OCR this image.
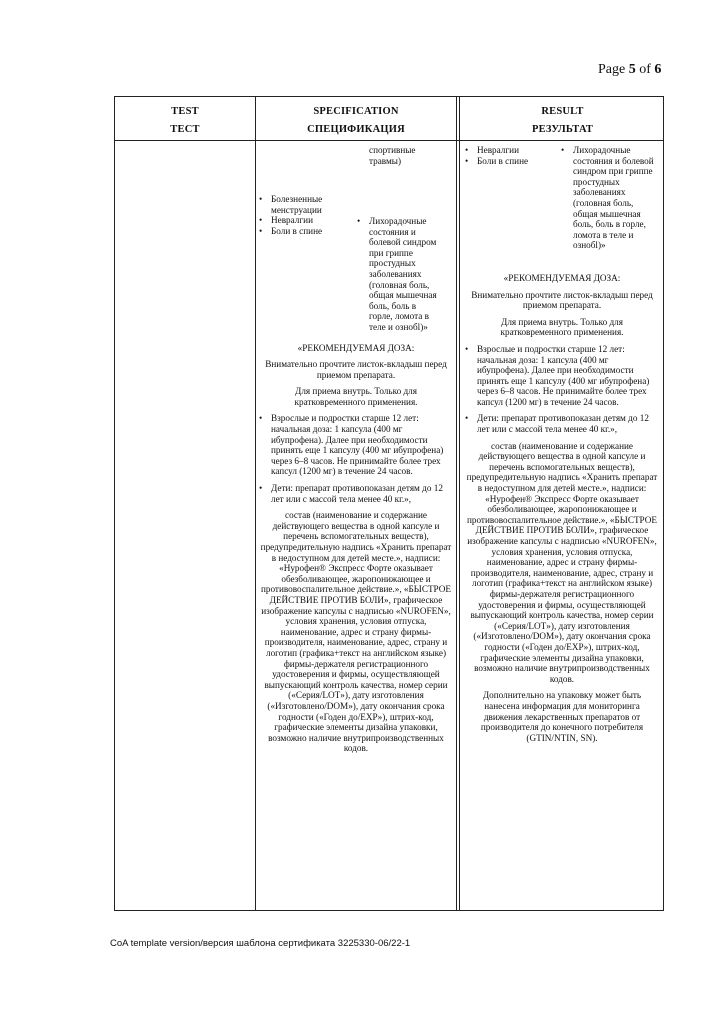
Page 5 of 6
TEST
ТЕСТ
SPECIFICATION
СПЕЦИФИКАЦИЯ
RESULT
РЕЗУЛЬТАТ

спортивные травмы)

• Болезненные менструации

• Невралгии

• Боли в спине

• Лихорадочные состояния и болевой синдром при гриппе простудных заболеваниях (головная боль, общая мышечная боль, боль в горле, ломота в теле и ознобl)»

«РЕКОМЕНДУЕМАЯ ДОЗА:

Внимательно прочтите листок-вкладыш перед приемом препарата.

Для приема внутрь. Только для кратковременного применения.

• Взрослые и подростки старше 12 лет: начальная доза: 1 капсула (400 мг ибупрофена). Далее при необходимости принять еще 1 капсулу (400 мг ибупрофена) через 6–8 часов. Не принимайте более трех капсул (1200 мг) в течение 24 часов.

• Дети: препарат противопоказан детям до 12 лет или с массой тела менее 40 кг.»,

состав (наименование и содержание действующего вещества в одной капсуле и перечень вспомогательных веществ), предупредительную надпись «Хранить препарат в недоступном для детей месте.», надписи: «Нурофен® Экспресс Форте оказывает обезболивающее, жаропонижающее и противовоспалительное действие.», «БЫСТРОЕ ДЕЙСТВИЕ ПРОТИВ БОЛИ», графическое изображение капсулы с надписью «NUROFEN», условия хранения, условия отпуска, наименование, адрес и страну фирмы-производителя, наименование, адрес, страну и логотип (графика+текст на английском языке) фирмы-держателя регистрационного удостоверения и фирмы, осуществляющей выпускающий контроль качества, номер серии («Серия/LOT»), дату изготовления («Изготовлено/DOM»), дату окончания срока годности («Годен до/EXP»), штрих-код, графические элементы дизайна упаковки, возможно наличие внутрипроизводственных кодов.

• Невралгии

• Боли в спине

• Лихорадочные состояния и болевой синдром при гриппе простудных заболеваниях (головная боль, общая мышечная боль, боль в горле, ломота в теле и ознобl)»

«РЕКОМЕНДУЕМАЯ ДОЗА:

Внимательно прочтите листок-вкладыш перед приемом препарата.

Для приема внутрь. Только для кратковременного применения.

• Взрослые и подростки старше 12 лет: начальная доза: 1 капсула (400 мг ибупрофена). Далее при необходимости принять еще 1 капсулу (400 мг ибупрофена) через 6–8 часов. Не принимайте более трех капсул (1200 мг) в течение 24 часов.

• Дети: препарат противопоказан детям до 12 лет или с массой тела менее 40 кг.»,

состав (наименование и содержание действующего вещества в одной капсуле и перечень вспомогательных веществ), предупредительную надпись «Хранить препарат в недоступном для детей месте.», надписи: «Нурофен® Экспресс Форте оказывает обезболивающее, жаропонижающее и противовоспалительное действие.», «БЫСТРОЕ ДЕЙСТВИЕ ПРОТИВ БОЛИ», графическое изображение капсулы с надписью «NUROFEN», условия хранения, условия отпуска, наименование, адрес и страну фирмы-производителя, наименование, адрес, страну и логотип (графика+текст на английском языке) фирмы-держателя регистрационного удостоверения и фирмы, осуществляющей выпускающий контроль качества, номер серии («Серия/LOT»), дату изготовления («Изготовлено/DOM»), дату окончания срока годности («Годен до/EXP»), штрих-код, графические элементы дизайна упаковки, возможно наличие внутрипроизводственных кодов.

Дополнительно на упаковку может быть нанесена информация для мониторинга движения лекарственных препаратов от производителя до конечного потребителя (GTIN/NTIN, SN).

CoA template version/версия шаблона сертификата 3225330-06/22-1
